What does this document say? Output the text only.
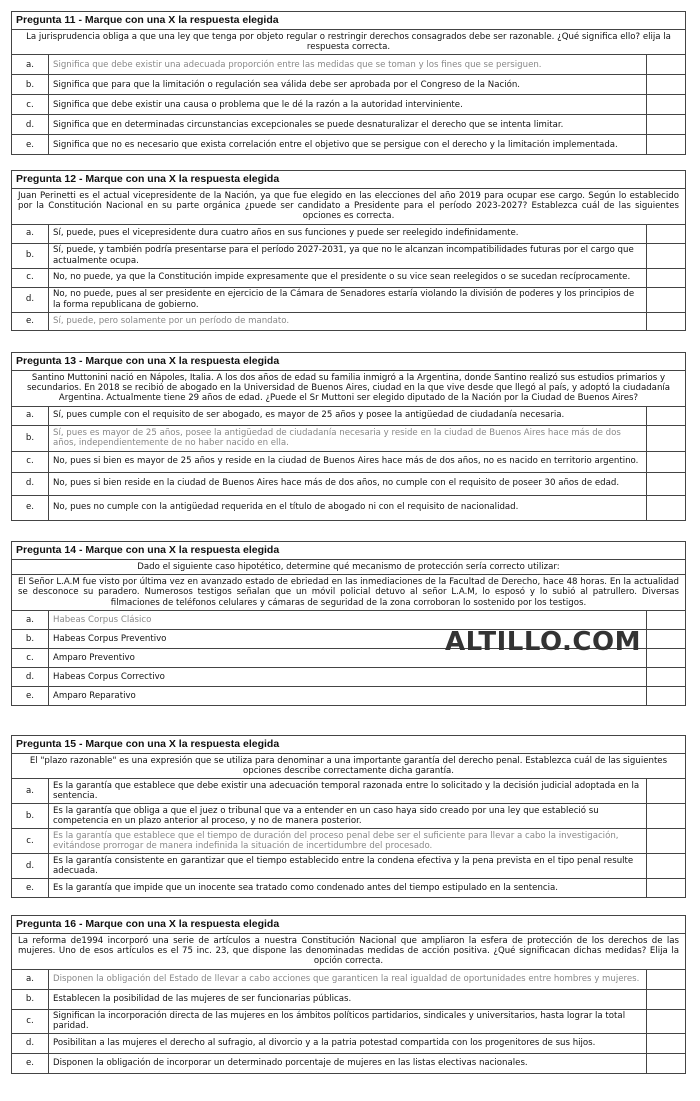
Pregunta 11 - Marque con una X la respuesta elegida
La jurisprudencia obliga a que una ley que tenga por objeto regular o restringir derechos consagrados debe ser razonable. ¿Qué significa ello? elija la respuesta correcta.
a.	Significa que debe existir una adecuada proporción entre las medidas que se toman y los fines que se persiguen.
b.	Significa que para que la limitación o regulación sea válida debe ser aprobada por el Congreso de la Nación.
c.	Significa que debe existir una causa o problema que le dé la razón a la autoridad interviniente.
d.	Significa que en determinadas circunstancias excepcionales se puede desnaturalizar el derecho que se intenta limitar.
e.	Significa que no es necesario que exista correlación entre el objetivo que se persigue con el derecho y la limitación implementada.
Pregunta 12 - Marque con una X la respuesta elegida
Juan Perinetti es el actual vicepresidente de la Nación, ya que fue elegido en las elecciones del año 2019 para ocupar ese cargo. Según lo establecido por la Constitución Nacional en su parte orgánica ¿puede ser candidato a Presidente para el período 2023-2027? Establezca cuál de las siguientes opciones es correcta.
a.	Sí, puede, pues el vicepresidente dura cuatro años en sus funciones y puede ser reelegido indefinidamente.
b.
Sí, puede, y también podría presentarse para el período 2027-2031, ya que no le alcanzan incompatibilidades futuras por el cargo que actualmente ocupa.
c.	No, no puede, ya que la Constitución impide expresamente que el presidente o su vice sean reelegidos o se sucedan recíprocamente.
d.
No, no puede, pues al ser presidente en ejercicio de la Cámara de Senadores estaría violando la división de poderes y los principios de la forma republicana de gobierno.
e.	Sí, puede, pero solamente por un período de mandato.
Pregunta 13 - Marque con una X la respuesta elegida
Santino Muttonini nació en Nápoles, Italia. A los dos años de edad su familia inmigró a la Argentina, donde Santino realizó sus estudios primarios y secundarios. En 2018 se recibió de abogado en la Universidad de Buenos Aires, ciudad en la que vive desde que llegó al país, y adoptó la ciudadanía Argentina. Actualmente tiene 29 años de edad. ¿Puede el Sr Muttoni ser elegido diputado de la Nación por la Ciudad de Buenos Aires?
a.	Sí, pues cumple con el requisito de ser abogado, es mayor de 25 años y posee la antigüedad de ciudadanía necesaria.
b.
Sí, pues es mayor de 25 años, posee la antigüedad de ciudadanía necesaria y reside en la ciudad de Buenos Aires hace más de dos años, independientemente de no haber nacido en ella.
c.	No, pues si bien es mayor de 25 años y reside en la ciudad de Buenos Aires hace más de dos años, no es nacido en territorio argentino.
d.	No, pues si bien reside en la ciudad de Buenos Aires hace más de dos años, no cumple con el requisito de poseer 30 años de edad.
e.	No, pues no cumple con la antigüedad requerida en el título de abogado ni con el requisito de nacionalidad.
Pregunta 14 - Marque con una X la respuesta elegida
Dado el siguiente caso hipotético, determine qué mecanismo de protección sería correcto utilizar:
El Señor L.A.M fue visto por última vez en avanzado estado de ebriedad en las inmediaciones de la Facultad de Derecho, hace 48 horas. En la actualidad se desconoce su paradero. Numerosos testigos señalan que un móvil policial detuvo al señor L.A.M, lo esposó y lo subió al patrullero. Diversas filmaciones de teléfonos celulares y cámaras de seguridad de la zona corroboran lo sostenido por los testigos.
a.	Habeas Corpus Clásico
b.	Habeas Corpus Preventivo
c.	Amparo Preventivo
d.	Habeas Corpus Correctivo
e.	Amparo Reparativo
Pregunta 15 - Marque con una X la respuesta elegida
El "plazo razonable" es una expresión que se utiliza para denominar a una importante garantía del derecho penal. Establezca cuál de las siguientes opciones describe correctamente dicha garantía.
a.
Es la garantía que establece que debe existir una adecuación temporal razonada entre lo solicitado y la decisión judicial adoptada en la sentencia.
b.
Es la garantía que obliga a que el juez o tribunal que va a entender en un caso haya sido creado por una ley que estableció su competencia en un plazo anterior al proceso, y no de manera posterior.
c.
Es la garantía que establece que el tiempo de duración del proceso penal debe ser el suficiente para llevar a cabo la investigación, evitándose prorrogar de manera indefinida la situación de incertidumbre del procesado.
d.
Es la garantía consistente en garantizar que el tiempo establecido entre la condena efectiva y la pena prevista en el tipo penal resulte adecuada.
e.	Es la garantía que impide que un inocente sea tratado como condenado antes del tiempo estipulado en la sentencia.
Pregunta 16 - Marque con una X la respuesta elegida
La reforma de1994 incorporó una serie de artículos a nuestra Constitución Nacional que ampliaron la esfera de protección de los derechos de las mujeres. Uno de esos artículos es el 75 inc. 23, que dispone las denominadas medidas de acción positiva. ¿Qué significacan dichas medidas? Elija la opción correcta.
a.	Disponen la obligación del Estado de llevar a cabo acciones que garanticen la real igualdad de oportunidades entre hombres y mujeres.
b.	Establecen la posibilidad de las mujeres de ser funcionarias públicas.
c.
Significan la incorporación directa de las mujeres en los ámbitos políticos partidarios, sindicales y universitarios, hasta lograr la total paridad.
d.	Posibilitan a las mujeres el derecho al sufragio, al divorcio y a la patria potestad compartida con los progenitores de sus hijos.
e.	Disponen la obligación de incorporar un determinado porcentaje de mujeres en las listas electivas nacionales.
ALTILLO.COM
